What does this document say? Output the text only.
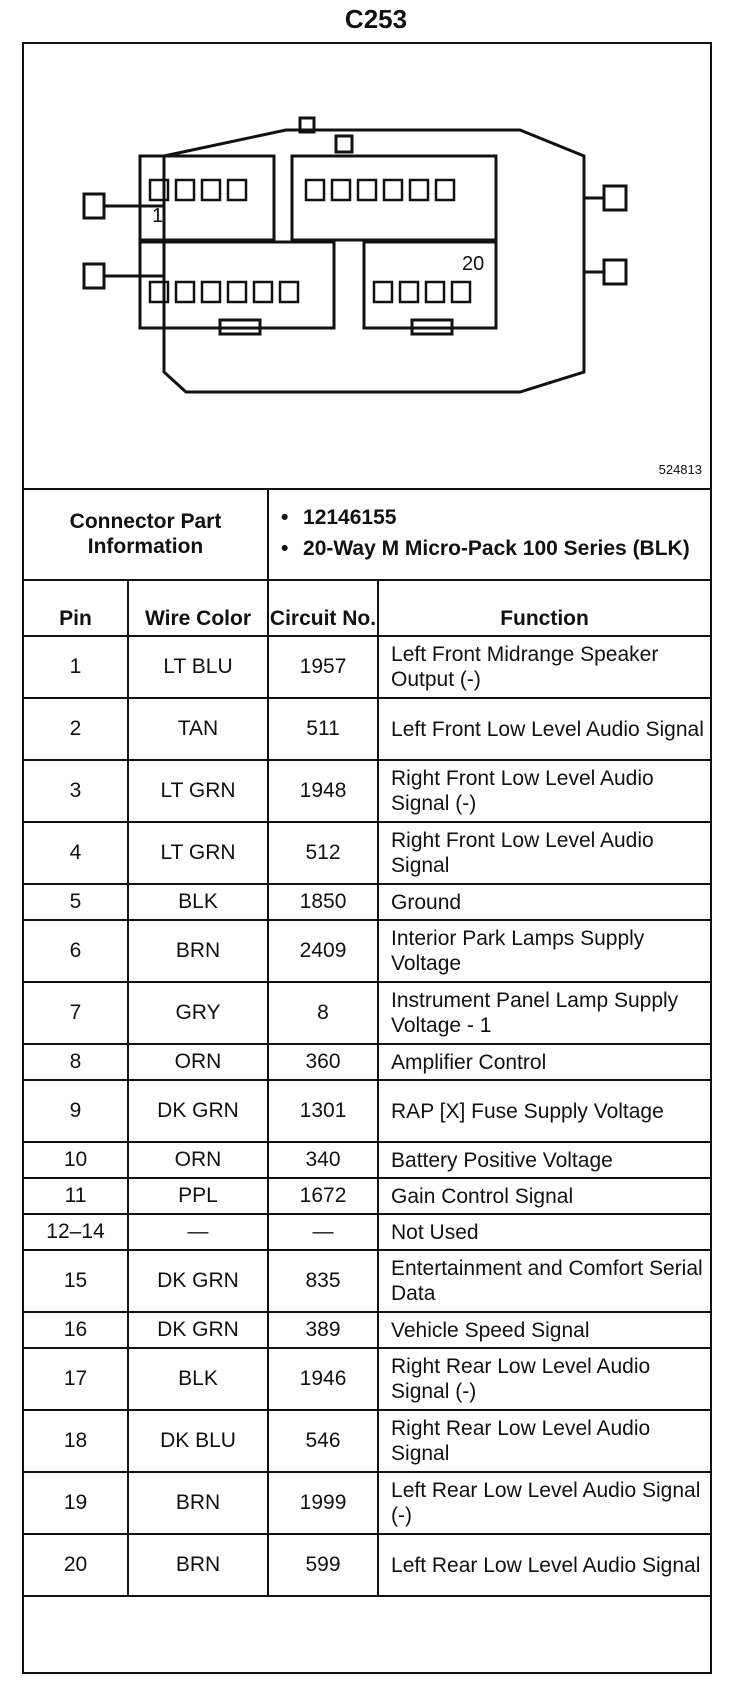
C253
1
20
524813
Connector Part Information		• 12146155
• 20-Way M Micro-Pack 100 Series (BLK)

Pin	Wire Color	Circuit No.	Function
1	LT BLU	1957	Left Front Midrange Speaker Output (-)
2	TAN	511	Left Front Low Level Audio Signal
3	LT GRN	1948	Right Front Low Level Audio Signal (-)
4	LT GRN	512	Right Front Low Level Audio Signal
5	BLK	1850	Ground
6	BRN	2409	Interior Park Lamps Supply Voltage
7	GRY	8	Instrument Panel Lamp Supply Voltage - 1
8	ORN	360	Amplifier Control
9	DK GRN	1301	RAP [X] Fuse Supply Voltage
10	ORN	340	Battery Positive Voltage
11	PPL	1672	Gain Control Signal
12–14	—	—	Not Used
15	DK GRN	835	Entertainment and Comfort Serial Data
16	DK GRN	389	Vehicle Speed Signal
17	BLK	1946	Right Rear Low Level Audio Signal (-)
18	DK BLU	546	Right Rear Low Level Audio Signal
19	BRN	1999	Left Rear Low Level Audio Signal (-)
20	BRN	599	Left Rear Low Level Audio Signal
